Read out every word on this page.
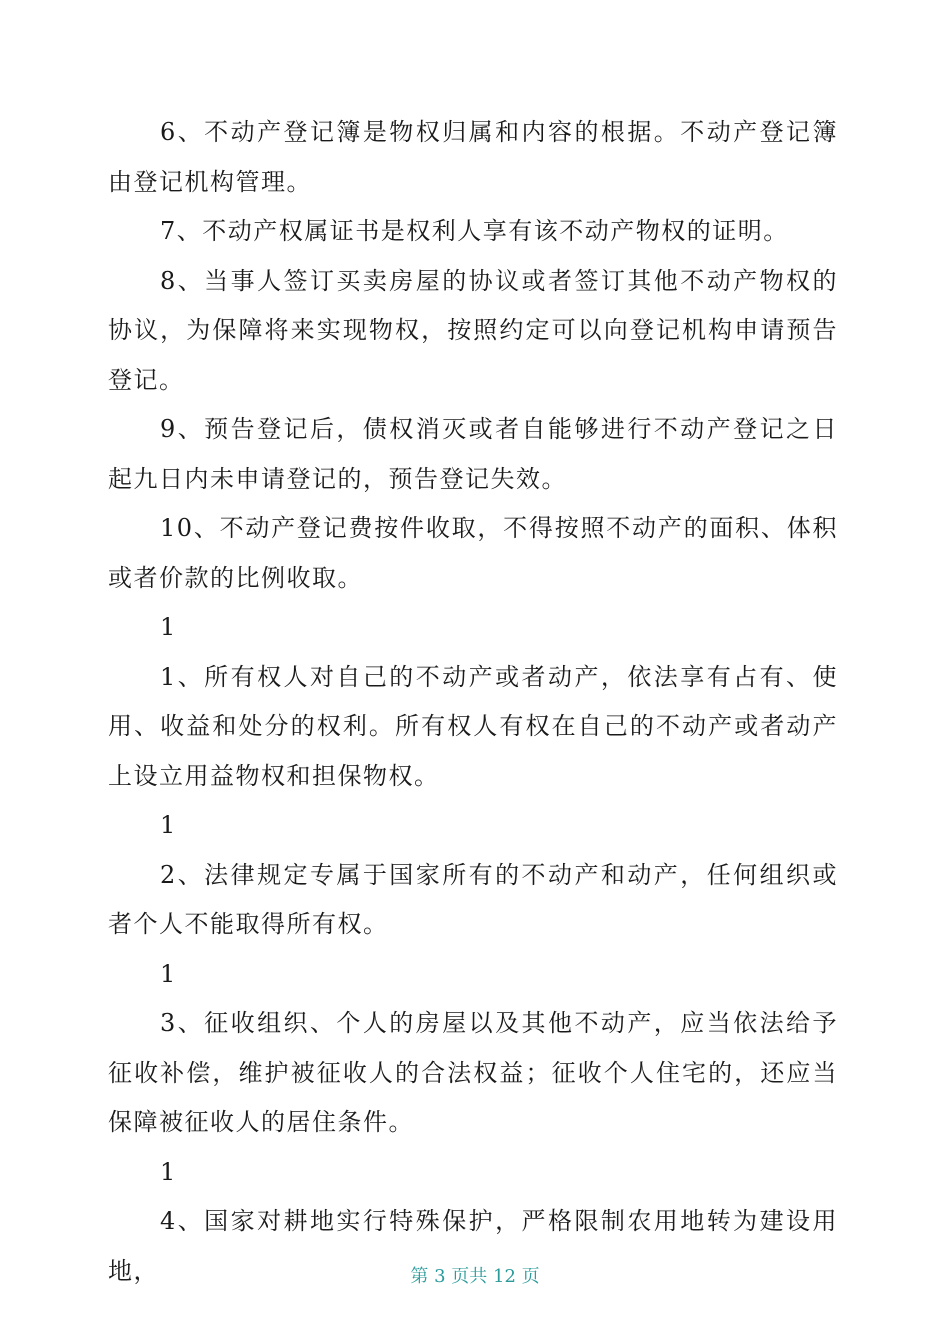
6、不动产登记簿是物权归属和内容的根据。不动产登记簿由登记机构管理。

7、不动产权属证书是权利人享有该不动产物权的证明。

8、当事人签订买卖房屋的协议或者签订其他不动产物权的协议，为保障将来实现物权，按照约定可以向登记机构申请预告登记。

9、预告登记后，债权消灭或者自能够进行不动产登记之日起九日内未申请登记的，预告登记失效。

10、不动产登记费按件收取，不得按照不动产的面积、体积或者价款的比例收取。

1

1、所有权人对自己的不动产或者动产，依法享有占有、使用、收益和处分的权利。所有权人有权在自己的不动产或者动产上设立用益物权和担保物权。

1

2、法律规定专属于国家所有的不动产和动产，任何组织或者个人不能取得所有权。

1

3、征收组织、个人的房屋以及其他不动产，应当依法给予征收补偿，维护被征收人的合法权益；征收个人住宅的，还应当保障被征收人的居住条件。

1

4、国家对耕地实行特殊保护，严格限制农用地转为建设用地，	第 3 页共 12 页
